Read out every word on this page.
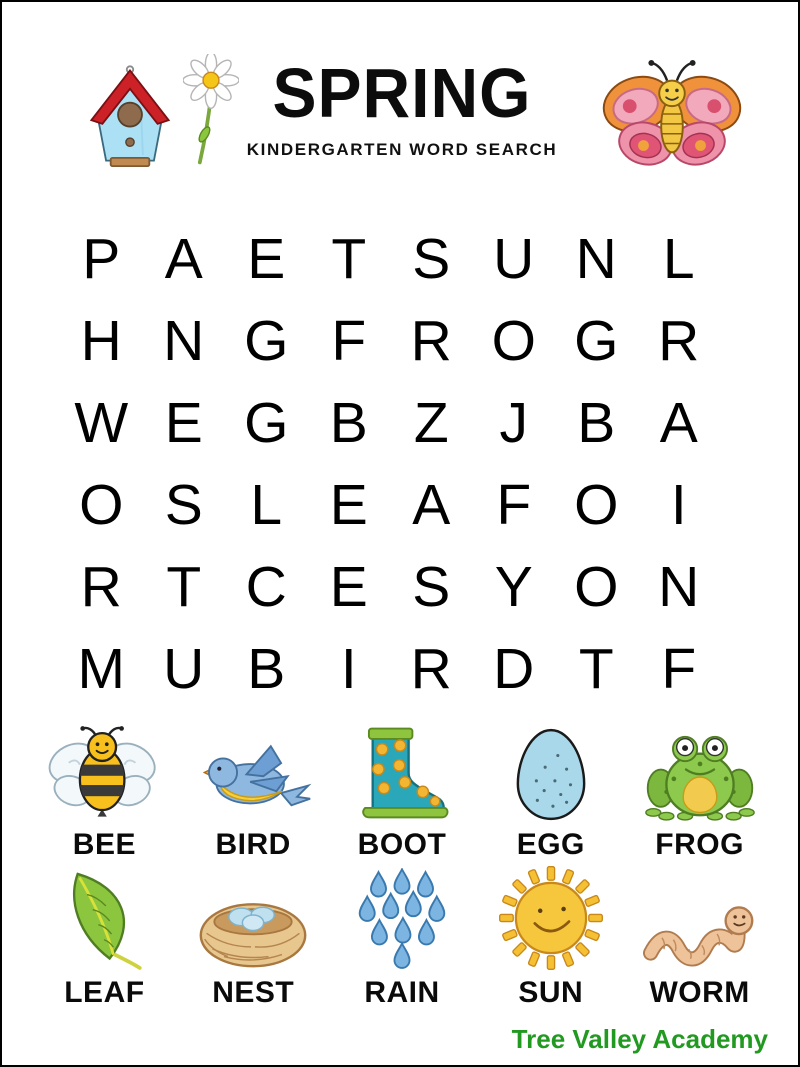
SPRING
KINDERGARTEN WORD SEARCH
P A E T S U N L
H N G F R O G R
W E G B Z J B A
O S L E A F O I
R T C E S Y O N
M U B I R D T F
BEE	BIRD BOOT EGG FROG
LEAF NEST RAIN	SUN WORM
Tree Valley Academy
